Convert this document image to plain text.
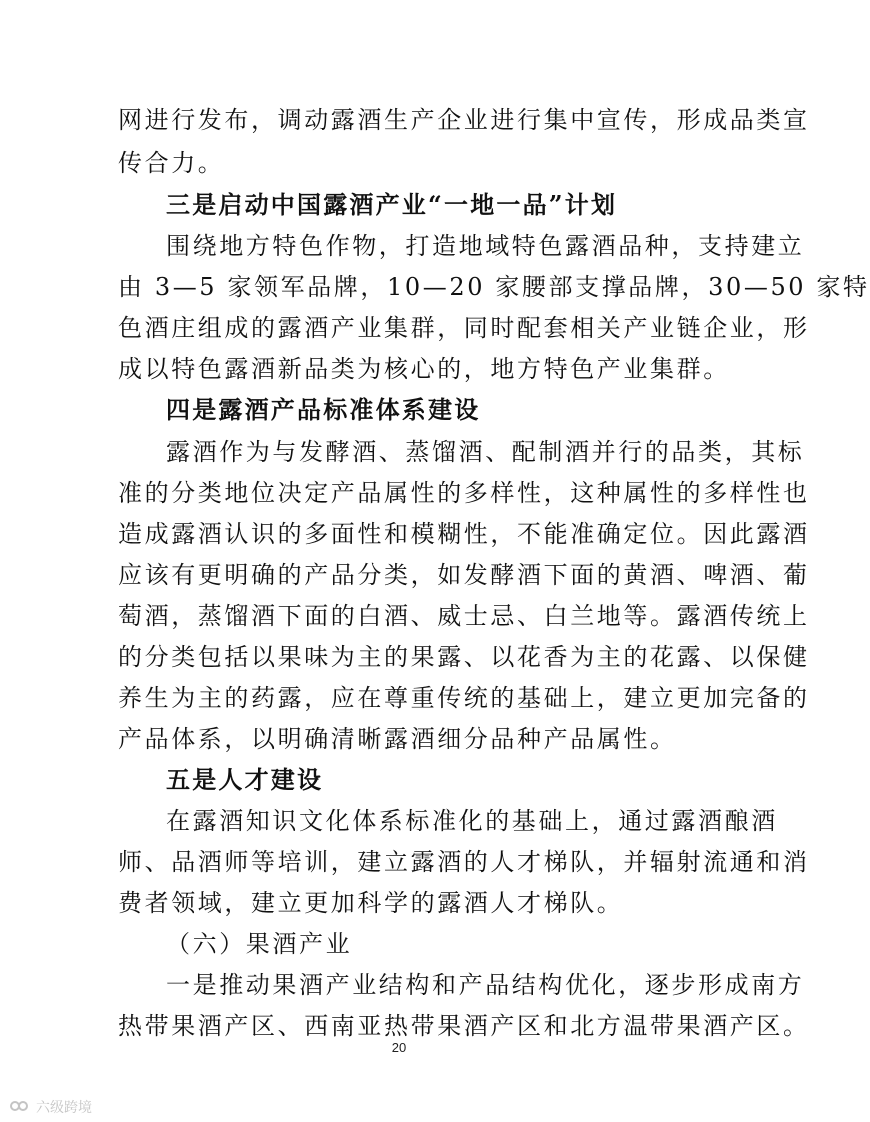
网进行发布，调动露酒生产企业进行集中宣传，形成品类宣
传合力。
三是启动中国露酒产业“一地一品”计划
围绕地方特色作物，打造地域特色露酒品种，支持建立
由 3—5 家领军品牌，10—20 家腰部支撑品牌，30—50 家特
色酒庄组成的露酒产业集群，同时配套相关产业链企业，形
成以特色露酒新品类为核心的，地方特色产业集群。
四是露酒产品标准体系建设
露酒作为与发酵酒、蒸馏酒、配制酒并行的品类，其标
准的分类地位决定产品属性的多样性，这种属性的多样性也
造成露酒认识的多面性和模糊性，不能准确定位。因此露酒
应该有更明确的产品分类，如发酵酒下面的黄酒、啤酒、葡
萄酒，蒸馏酒下面的白酒、威士忌、白兰地等。露酒传统上
的分类包括以果味为主的果露、以花香为主的花露、以保健
养生为主的药露，应在尊重传统的基础上，建立更加完备的
产品体系，以明确清晰露酒细分品种产品属性。
五是人才建设
在露酒知识文化体系标准化的基础上，通过露酒酿酒
师、品酒师等培训，建立露酒的人才梯队，并辐射流通和消
费者领域，建立更加科学的露酒人才梯队。
（六）果酒产业
一是推动果酒产业结构和产品结构优化，逐步形成南方
热带果酒产区、西南亚热带果酒产区和北方温带果酒产区。
20
六级跨境
